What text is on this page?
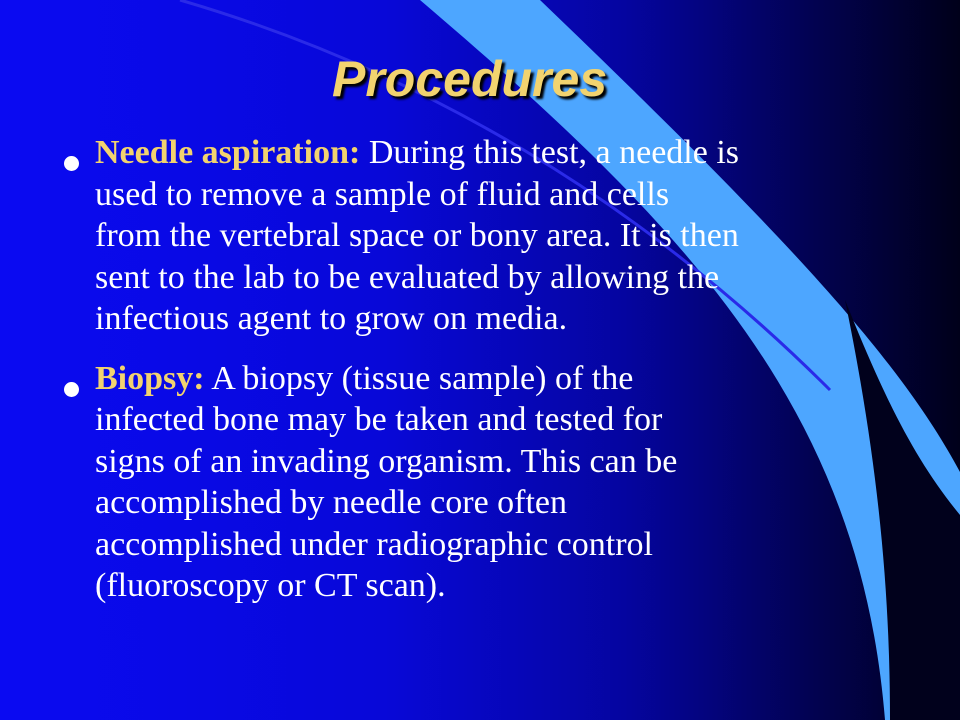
Procedures
Needle aspiration: During this test, a needle is
used to remove a sample of fluid and cells
from the vertebral space or bony area. It is then
sent to the lab to be evaluated by allowing the
infectious agent to grow on media.
Biopsy: A biopsy (tissue sample) of the
infected bone may be taken and tested for
signs of an invading organism. This can be
accomplished by needle core often
accomplished under radiographic control
(fluoroscopy or CT scan).
